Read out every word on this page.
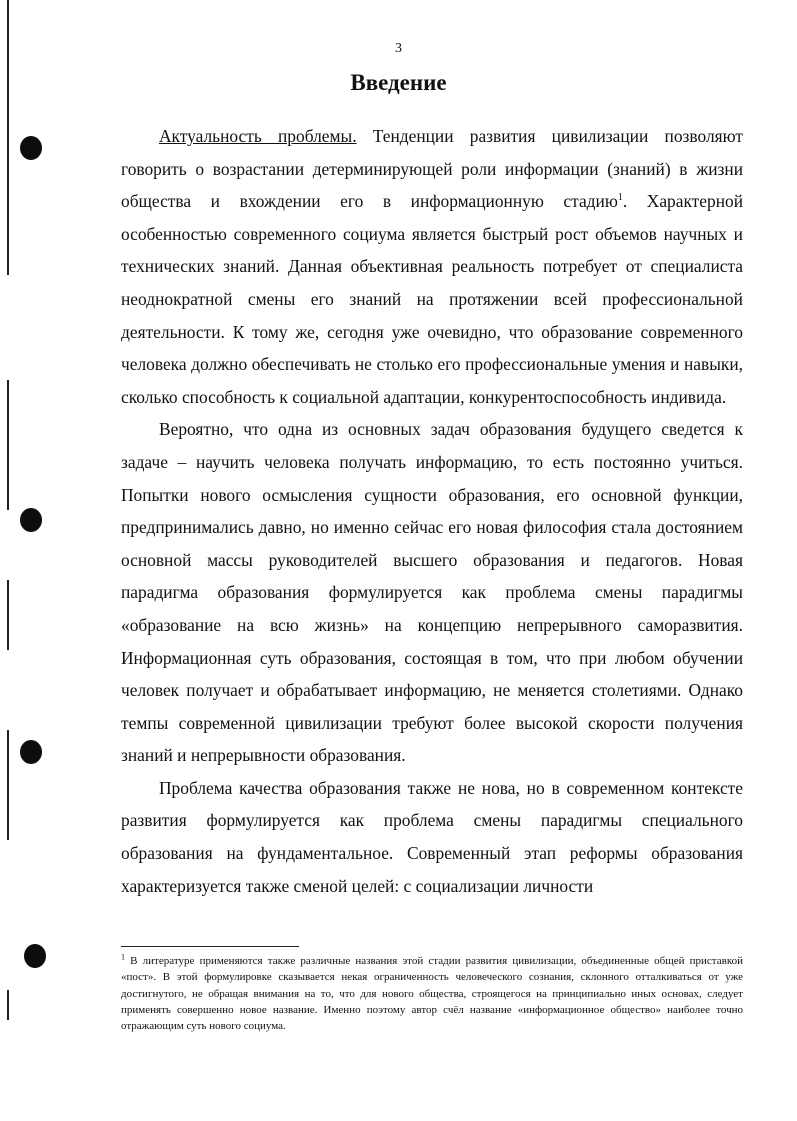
3
Введение

Актуальность проблемы. Тенденции развития цивилизации позволяют говорить о возрастании детерминирующей роли информации (знаний) в жизни общества и вхождении его в информационную стадию$^1$. Характерной особенностью современного социума является быстрый рост объемов научных и технических знаний. Данная объективная реальность потребует от специалиста неоднократной смены его знаний на протяжении всей профессиональной деятельности. К тому же, сегодня уже очевидно, что образование современного человека должно обеспечивать не столько его профессиональные умения и навыки, сколько способность к социальной адаптации, конкурентоспособность индивида.

Вероятно, что одна из основных задач образования будущего сведется к задаче – научить человека получать информацию, то есть постоянно учиться. Попытки нового осмысления сущности образования, его основной функции, предпринимались давно, но именно сейчас его новая философия стала достоянием основной массы руководителей высшего образования и педагогов. Новая парадигма образования формулируется как проблема смены парадигмы «образование на всю жизнь» на концепцию непрерывного саморазвития. Информационная суть образования, состоящая в том, что при любом обучении человек получает и обрабатывает информацию, не меняется столетиями. Однако темпы современной цивилизации требуют более высокой скорости получения знаний и непрерывности образования.

Проблема качества образования также не нова, но в современном контексте развития формулируется как проблема смены парадигмы специального образования на фундаментальное. Современный этап реформы образования характеризуется также сменой целей: с социализации личности

$^1$ В литературе применяются также различные названия этой стадии развития цивилизации, объединенные общей приставкой «пост». В этой формулировке сказывается некая ограниченность человеческого сознания, склонного отталкиваться от уже достигнутого, не обращая внимания на то, что для нового общества, строящегося на принципиально иных основах, следует применять совершенно новое название. Именно поэтому автор счёл название «информационное общество» наиболее точно отражающим суть нового социума.
